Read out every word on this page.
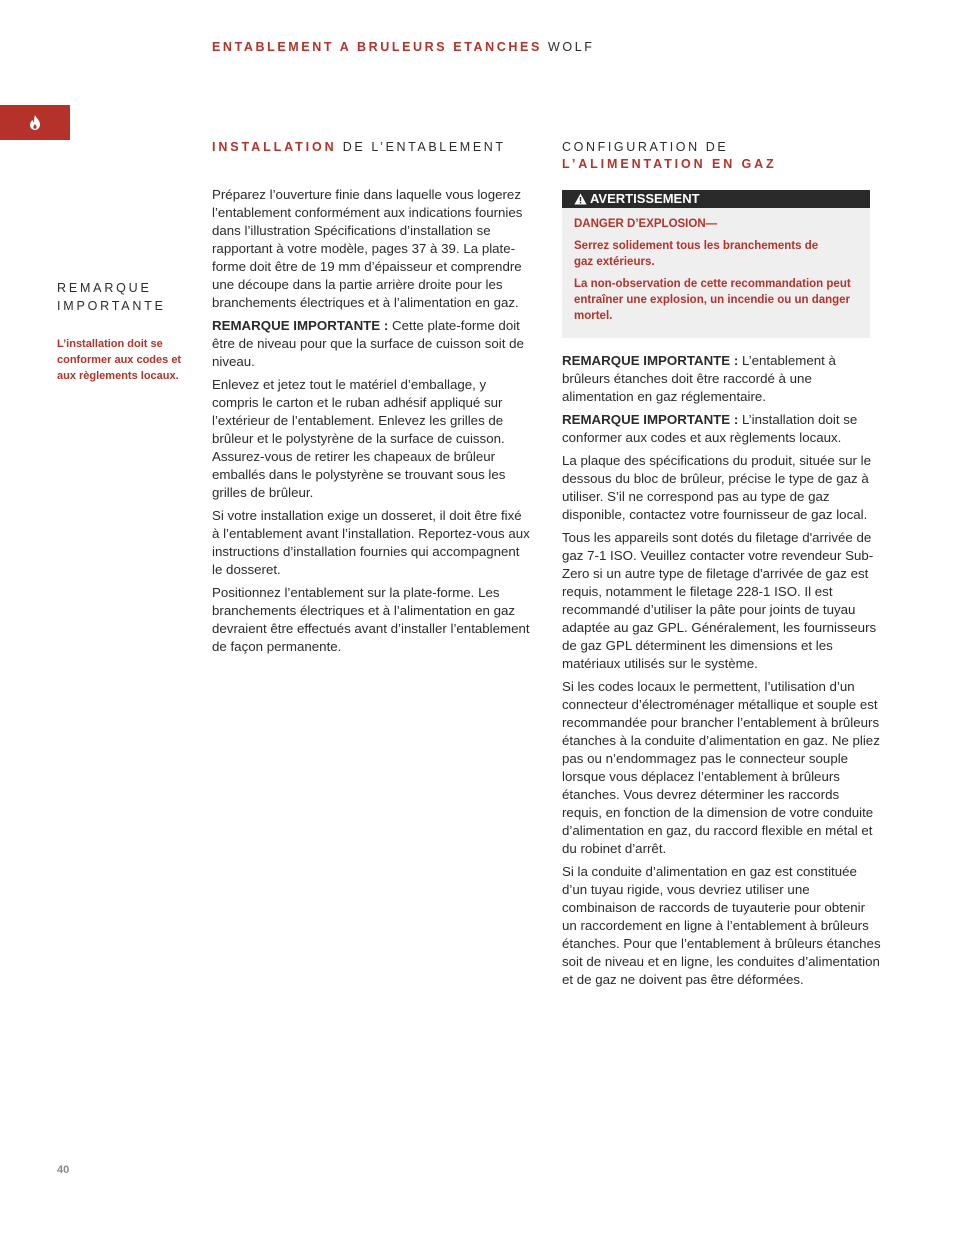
ENTABLEMENT A BRULEURS ETANCHES WOLF
INSTALLATION DE L’ENTABLEMENT	CONFIGURATION DE
L’ALIMENTATION EN GAZ
REMARQUE
IMPORTANTE
L’installation doit se conformer aux codes et aux règlements locaux.

Préparez l’ouverture finie dans laquelle vous logerez l’entablement conformément aux indications fournies dans l’illustration Spécifications d’installation se rapportant à votre modèle, pages 37 à 39. La plate-forme doit être de 19 mm d’épaisseur et comprendre une découpe dans la partie arrière droite pour les branchements électriques et à l’alimentation en gaz.

REMARQUE IMPORTANTE : Cette plate-forme doit être de niveau pour que la surface de cuisson soit de niveau.

Enlevez et jetez tout le matériel d’emballage, y compris le carton et le ruban adhésif appliqué sur l’extérieur de l’entablement. Enlevez les grilles de brûleur et le polystyrène de la surface de cuisson. Assurez-vous de retirer les chapeaux de brûleur emballés dans le polystyrène se trouvant sous les grilles de brûleur.

Si votre installation exige un dosseret, il doit être fixé à l’entablement avant l’installation. Reportez-vous aux instructions d’installation fournies qui accompagnent le dosseret.

Positionnez l’entablement sur la plate-forme. Les branchements électriques et à l’alimentation en gaz devraient être effectués avant d’installer l’entablement de façon permanente.

AVERTISSEMENT

DANGER D’EXPLOSION—

Serrez solidement tous les branchements de gaz extérieurs.

La non-observation de cette recommandation peut entraîner une explosion, un incendie ou un danger mortel.

REMARQUE IMPORTANTE : L’entablement à brûleurs étanches doit être raccordé à une alimentation en gaz réglementaire.

REMARQUE IMPORTANTE : L’installation doit se conformer aux codes et aux règlements locaux.

La plaque des spécifications du produit, située sur le dessous du bloc de brûleur, précise le type de gaz à utiliser. S’il ne correspond pas au type de gaz disponible, contactez votre fournisseur de gaz local.

Tous les appareils sont dotés du filetage d'arrivée de gaz 7-1 ISO. Veuillez contacter votre revendeur Sub-Zero si un autre type de filetage d'arrivée de gaz est requis, notamment le filetage 228-1 ISO. Il est recommandé d’utiliser la pâte pour joints de tuyau adaptée au gaz GPL. Généralement, les fournisseurs de gaz GPL déterminent les dimensions et les matériaux utilisés sur le système.

Si les codes locaux le permettent, l’utilisation d’un connecteur d’électroménager métallique et souple est recommandée pour brancher l’entablement à brûleurs étanches à la conduite d’alimentation en gaz. Ne pliez pas ou n’endommagez pas le connecteur souple lorsque vous déplacez l’entablement à brûleurs étanches. Vous devrez déterminer les raccords requis, en fonction de la dimension de votre conduite d’alimentation en gaz, du raccord flexible en métal et du robinet d’arrêt.

Si la conduite d’alimentation en gaz est constituée d’un tuyau rigide, vous devriez utiliser une combinaison de raccords de tuyauterie pour obtenir un raccordement en ligne à l’entablement à brûleurs étanches. Pour que l’entablement à brûleurs étanches soit de niveau et en ligne, les conduites d’alimentation et de gaz ne doivent pas être déformées.

40
